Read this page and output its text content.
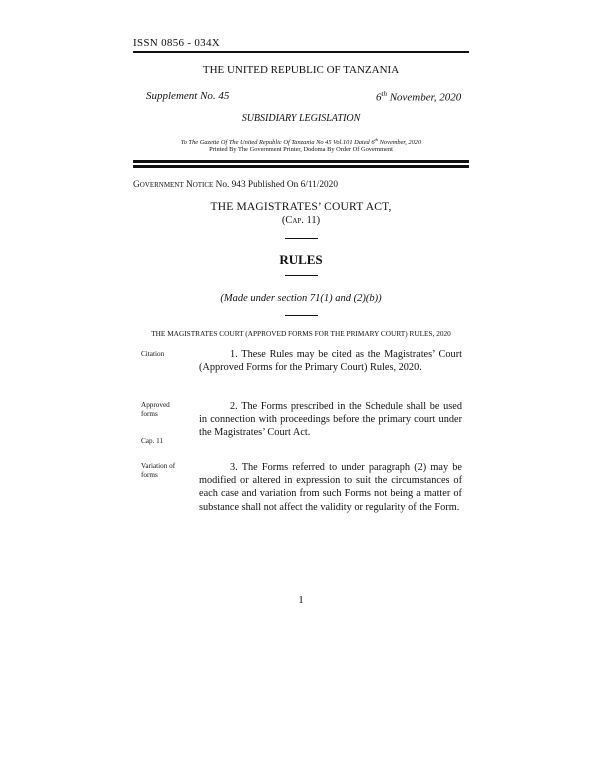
ISSN 0856 - 034X
THE UNITED REPUBLIC OF TANZANIA
Supplement No. 45	6th November, 2020
SUBSIDIARY LEGISLATION
To The Gazette Of The United Republic Of Tanzania No 45 Vol.101 Dated 6th November, 2020
Printed By The Government Printer, Dodoma By Order Of Government
Government Notice No. 943 Published On 6/11/2020
THE MAGISTRATES’ COURT ACT,
(Cap. 11)
RULES
(Made under section 71(1) and (2)(b))
THE MAGISTRATES COURT (APPROVED FORMS FOR THE PRIMARY COURT) RULES, 2020
Citation	1. These Rules may be cited as the Magistrates’ Court (Approved Forms for the Primary Court) Rules, 2020.
Approved forms
Cap. 11
2. The Forms prescribed in the Schedule shall be used in connection with proceedings before the primary court under the Magistrates’ Court Act.
Variation of forms
3. The Forms referred to under paragraph (2) may be modified or altered in expression to suit the circumstances of each case and variation from such Forms not being a matter of substance shall not affect the validity or regularity of the Form.
1
